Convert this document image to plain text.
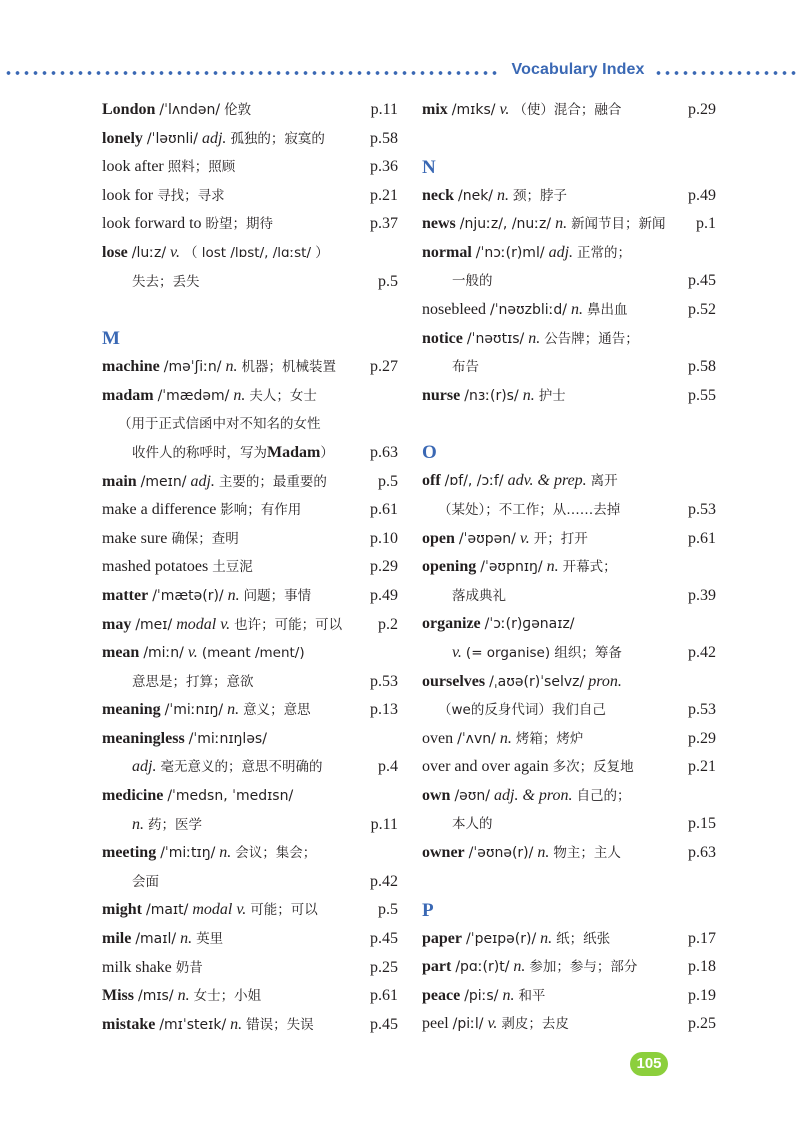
Vocabulary Index
London /ˈlʌndən/ 伦敦	p.11
lonely /ˈləʊnli/ adj. 孤独的；寂寞的	p.58
look after 照料；照顾	p.36
look for 寻找；寻求	p.21
look forward to 盼望；期待	p.37
lose /luːz/ v. （ lost /lɒst/, /lɑːst/ ）
失去；丢失	p.5
M
machine /məˈʃiːn/ n. 机器；机械装置 p.27
madam /ˈmædəm/ n. 夫人；女士
（用于正式信函中对不知名的女性
收件人的称呼时，写为Madam） p.63
main /meɪn/ adj. 主要的；最重要的	p.5
make a difference 影响；有作用	p.61
make sure 确保；查明	p.10
mashed potatoes 土豆泥	p.29
matter /ˈmætə(r)/ n. 问题；事情	p.49
may /meɪ/ modal v. 也许；可能；可以 p.2
mean /miːn/ v. (meant /ment/)
意思是；打算；意欲	p.53
meaning /ˈmiːnɪŋ/ n. 意义；意思	p.13
meaningless /ˈmiːnɪŋləs/
adj. 毫无意义的；意思不明确的	p.4
medicine /ˈmedsn, ˈmedɪsn/
n. 药；医学	p.11
meeting /ˈmiːtɪŋ/ n. 会议；集会；
会面	p.42
might /maɪt/ modal v. 可能；可以	p.5
mile /maɪl/ n. 英里	p.45
milk shake 奶昔	p.25
Miss /mɪs/ n. 女士；小姐	p.61
mistake /mɪˈsteɪk/ n. 错误；失误	p.45
mix /mɪks/ v. （使）混合；融合	p.29
N
neck /nek/ n. 颈；脖子	p.49
news /njuːz/, /nuːz/ n. 新闻节目；新闻 p.1
normal /ˈnɔː(r)ml/ adj. 正常的；
一般的	p.45
nosebleed /ˈnəʊzbliːd/ n. 鼻出血	p.52
notice /ˈnəʊtɪs/ n. 公告牌；通告；
布告	p.58
nurse /nɜː(r)s/ n. 护士	p.55
O
off /ɒf/, /ɔːf/ adv. & prep. 离开
（某处）；不工作；从……去掉	p.53
open /ˈəʊpən/ v. 开；打开	p.61
opening /ˈəʊpnɪŋ/ n. 开幕式；
落成典礼	p.39
organize /ˈɔː(r)ɡənaɪz/
v. (= organise) 组织；筹备	p.42
ourselves /ˌaʊə(r)ˈselvz/ pron.
（we的反身代词）我们自己	p.53
oven /ˈʌvn/ n. 烤箱；烤炉	p.29
over and over again 多次；反复地	p.21
own /əʊn/ adj. & pron. 自己的；
本人的	p.15
owner /ˈəʊnə(r)/ n. 物主；主人	p.63
P
paper /ˈpeɪpə(r)/ n. 纸；纸张	p.17
part /pɑː(r)t/ n. 参加；参与；部分	p.18
peace /piːs/ n. 和平	p.19
peel /piːl/ v. 剥皮；去皮	p.25
105
